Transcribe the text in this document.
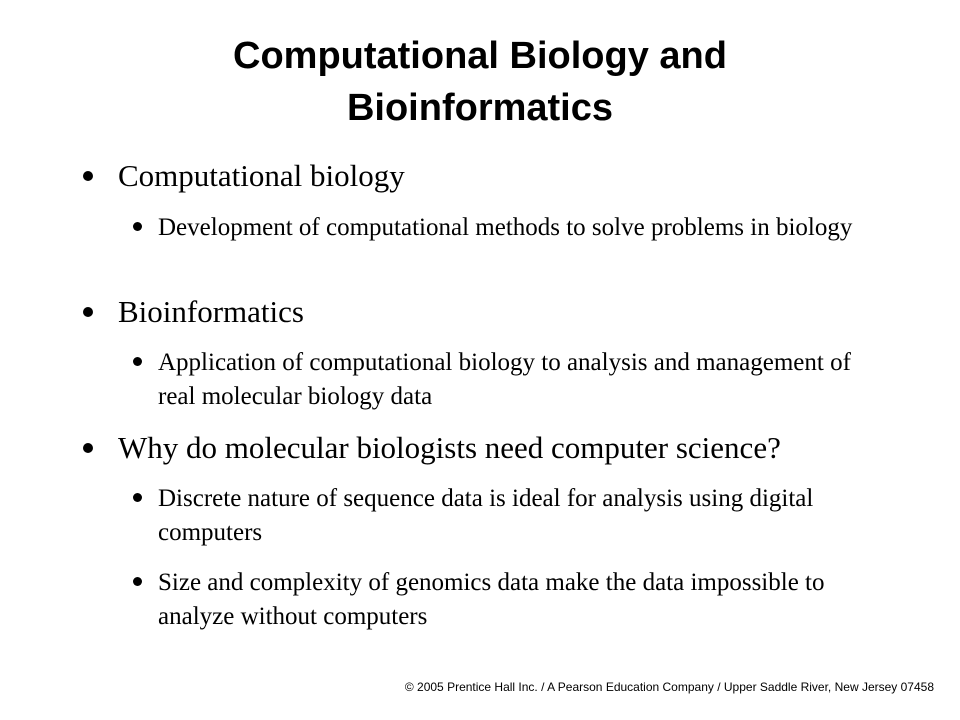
Computational Biology and Bioinformatics
Computational biology
Development of computational methods to solve problems in biology
Bioinformatics
Application of computational biology to analysis and management of real molecular biology data
Why do molecular biologists need computer science?
Discrete nature of sequence data is ideal for analysis using digital computers
Size and complexity of genomics data make the data impossible to analyze without computers
© 2005 Prentice Hall Inc. / A Pearson Education Company / Upper Saddle River, New Jersey 07458
